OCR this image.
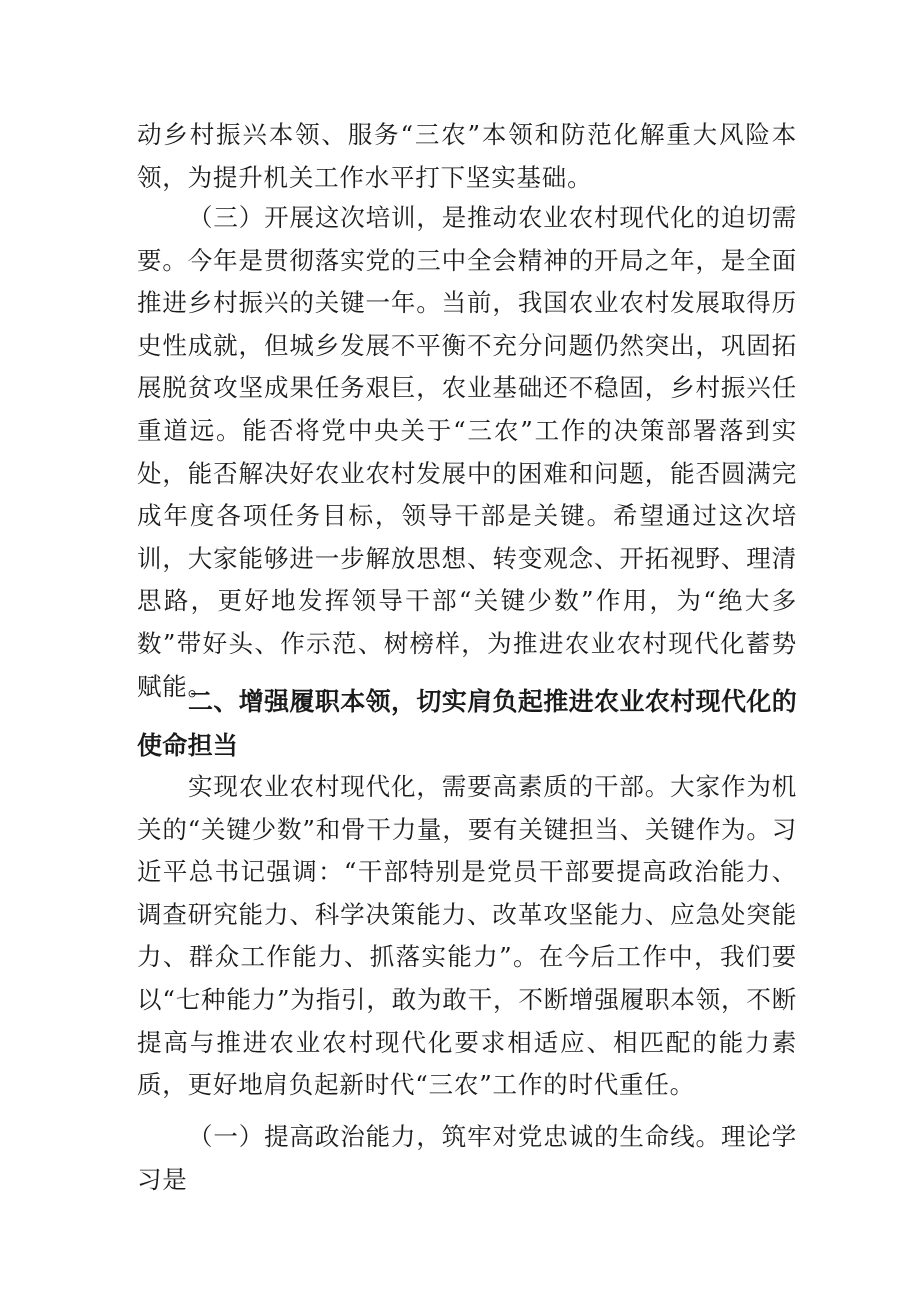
动乡村振兴本领、服务“三农”本领和防范化解重大风险本领，为提升机关工作水平打下坚实基础。

（三）开展这次培训，是推动农业农村现代化的迫切需要。今年是贯彻落实党的三中全会精神的开局之年，是全面推进乡村振兴的关键一年。当前，我国农业农村发展取得历史性成就，但城乡发展不平衡不充分问题仍然突出，巩固拓展脱贫攻坚成果任务艰巨，农业基础还不稳固，乡村振兴任重道远。能否将党中央关于“三农”工作的决策部署落到实处，能否解决好农业农村发展中的困难和问题，能否圆满完成年度各项任务目标，领导干部是关键。希望通过这次培训，大家能够进一步解放思想、转变观念、开拓视野、理清思路，更好地发挥领导干部“关键少数”作用，为“绝大多数”带好头、作示范、树榜样，为推进农业农村现代化蓄势赋能。

二、增强履职本领，切实肩负起推进农业农村现代化的使命担当

实现农业农村现代化，需要高素质的干部。大家作为机关的“关键少数”和骨干力量，要有关键担当、关键作为。习近平总书记强调：“干部特别是党员干部要提高政治能力、调查研究能力、科学决策能力、改革攻坚能力、应急处突能力、群众工作能力、抓落实能力”。在今后工作中，我们要以“七种能力”为指引，敢为敢干，不断增强履职本领，不断提高与推进农业农村现代化要求相适应、相匹配的能力素质，更好地肩负起新时代“三农”工作的时代重任。

（一）提高政治能力，筑牢对党忠诚的生命线。理论学习是
